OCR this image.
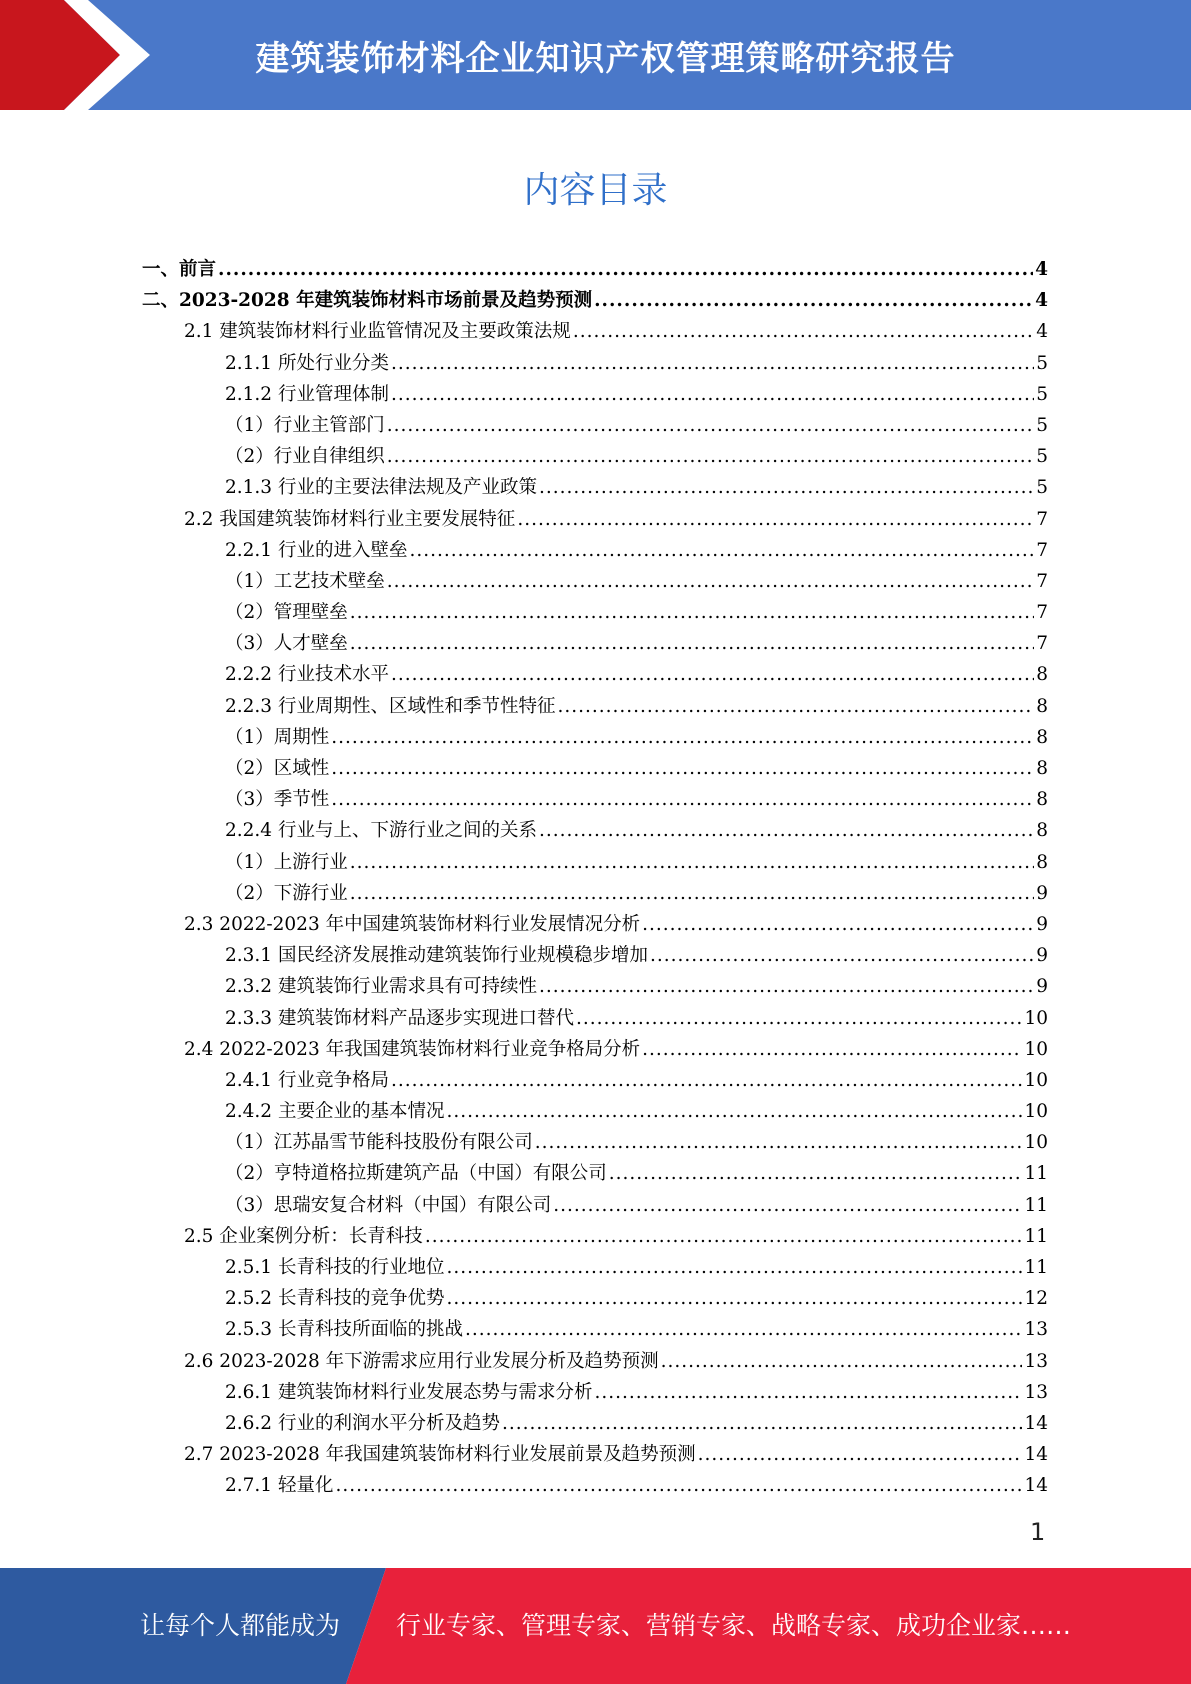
建筑装饰材料企业知识产权管理策略研究报告
内容目录
一、前言 .....	4
二、2023-2028 年建筑装饰材料市场前景及趋势预测 .....	4
2.1 建筑装饰材料行业监管情况及主要政策法规 .....	4
2.1.1 所处行业分类 .....	5
2.1.2 行业管理体制 .....	5
（1）行业主管部门 .....	5
（2）行业自律组织 .....	5
2.1.3 行业的主要法律法规及产业政策 .....	5
2.2 我国建筑装饰材料行业主要发展特征 .....	7
2.2.1 行业的进入壁垒 .....	7
（1）工艺技术壁垒 .....	7
（2）管理壁垒 .....	7
（3）人才壁垒 .....	7
2.2.2 行业技术水平 .....	8
2.2.3 行业周期性、区域性和季节性特征 .....	8
（1）周期性 .....	8
（2）区域性 .....	8
（3）季节性 .....	8
2.2.4 行业与上、下游行业之间的关系 .....	8
（1）上游行业 .....	8
（2）下游行业 .....	9
2.3 2022-2023 年中国建筑装饰材料行业发展情况分析 .....	9
2.3.1 国民经济发展推动建筑装饰行业规模稳步增加 .....	9
2.3.2 建筑装饰行业需求具有可持续性 .....	9
2.3.3 建筑装饰材料产品逐步实现进口替代 .....	10
2.4 2022-2023 年我国建筑装饰材料行业竞争格局分析 .....	10
2.4.1 行业竞争格局 .....	10
2.4.2 主要企业的基本情况 .....	10
（1）江苏晶雪节能科技股份有限公司 .....	10
（2）亨特道格拉斯建筑产品（中国）有限公司 .....	11
（3）思瑞安复合材料（中国）有限公司 .....	11
2.5 企业案例分析：长青科技 .....	11
2.5.1 长青科技的行业地位 .....	11
2.5.2 长青科技的竞争优势 .....	12
2.5.3 长青科技所面临的挑战 .....	13
2.6 2023-2028 年下游需求应用行业发展分析及趋势预测 .....	13
2.6.1 建筑装饰材料行业发展态势与需求分析 .....	13
2.6.2 行业的利润水平分析及趋势 .....	14
2.7 2023-2028 年我国建筑装饰材料行业发展前景及趋势预测 .....	14
2.7.1 轻量化 .....	14
1
让每个人都能成为 行业专家、管理专家、营销专家、战略专家、成功企业家……
